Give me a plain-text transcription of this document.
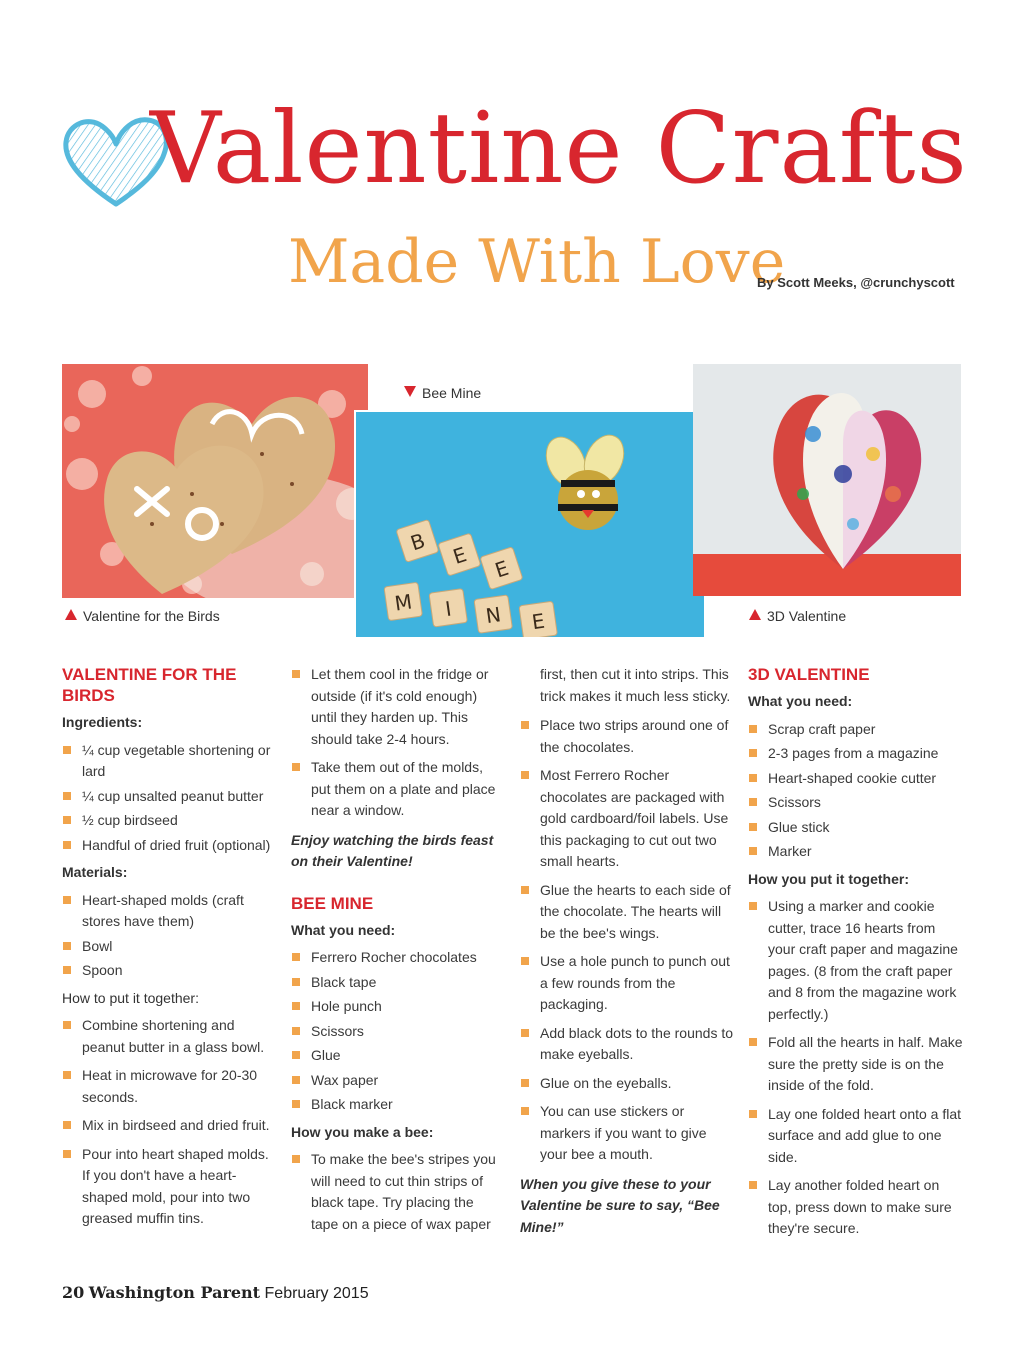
Valentine Crafts
Made With Love
By Scott Meeks, @crunchyscott
B
E
E
M I N E
Valentine for the Birds
Bee Mine
3D Valentine
VALENTINE FOR THE BIRDS
Ingredients:
¼ cup vegetable shortening or lard
¼ cup unsalted peanut butter
½ cup birdseed
Handful of dried fruit (optional)
Materials:
Heart-shaped molds (craft stores have them)
Bowl
Spoon
How to put it together:
Combine shortening and peanut butter in a glass bowl.
Heat in microwave for 20-30 seconds.
Mix in birdseed and dried fruit.
Pour into heart shaped molds. If you don't have a heart-shaped mold, pour into two greased muffin tins.
Let them cool in the fridge or outside (if it's cold enough) until they harden up. This should take 2-4 hours.
Take them out of the molds, put them on a plate and place near a window.
Enjoy watching the birds feast on their Valentine!
BEE MINE
What you need:
Ferrero Rocher chocolates
Black tape
Hole punch
Scissors
Glue
Wax paper
Black marker
How you make a bee:
To make the bee's stripes you will need to cut thin strips of black tape. Try placing the tape on a piece of wax paper
first, then cut it into strips. This trick makes it much less sticky.
Place two strips around one of the chocolates.
Most Ferrero Rocher chocolates are packaged with gold cardboard/foil labels. Use this packaging to cut out two small hearts.
Glue the hearts to each side of the chocolate. The hearts will be the bee's wings.
Use a hole punch to punch out a few rounds from the packaging.
Add black dots to the rounds to make eyeballs.
Glue on the eyeballs.
You can use stickers or markers if you want to give your bee a mouth.
When you give these to your Valentine be sure to say, “Bee Mine!”
3D VALENTINE
What you need:
Scrap craft paper
2-3 pages from a magazine
Heart-shaped cookie cutter
Scissors
Glue stick
Marker
How you put it together:
Using a marker and cookie cutter, trace 16 hearts from your craft paper and magazine pages. (8 from the craft paper and 8 from the magazine work perfectly.)
Fold all the hearts in half. Make sure the pretty side is on the inside of the fold.
Lay one folded heart onto a flat surface and add glue to one side.
Lay another folded heart on top, press down to make sure they're secure.
20 Washington Parent February 2015
